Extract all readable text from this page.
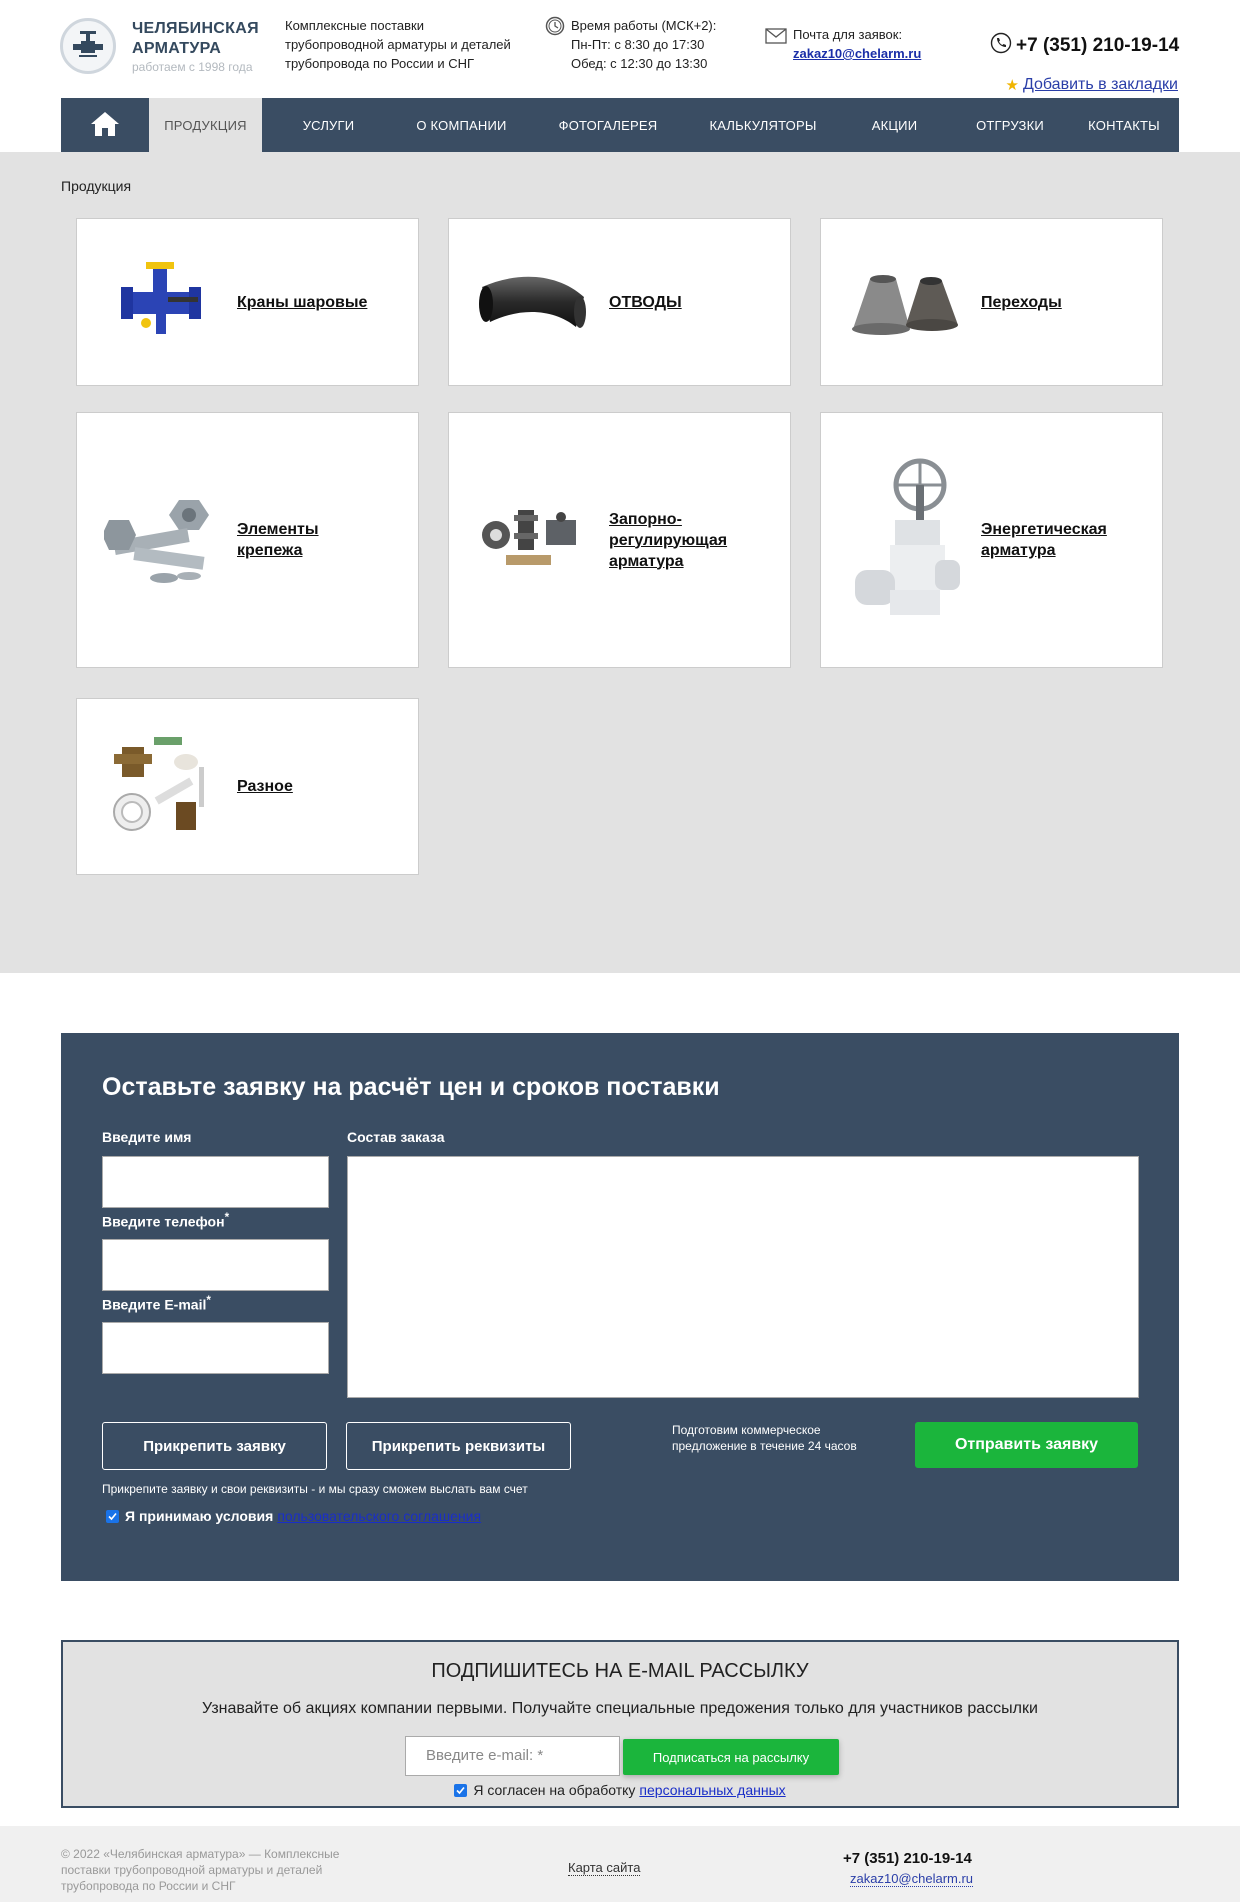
ЧЕЛЯБИНСКАЯ
АРМАТУРА
работаем с 1998 года
Комплексные поставки трубопроводной арматуры и деталей трубопровода по России и СНГ
Время работы (МСК+2):
Пн-Пт: с 8:30 до 17:30
Обед: с 12:30 до 13:30
Почта для заявок:
zakaz10@chelarm.ru	+7 (351) 210-19-14
★ Добавить в закладки
ПРОДУКЦИЯ	УСЛУГИ	О КОМПАНИИ	ФОТОГАЛЕРЕЯ	КАЛЬКУЛЯТОРЫ	АКЦИИ	ОТГРУЗКИ	КОНТАКТЫ
Продукция
Краны шаровые	ОТВОДЫ	Переходы
Элементы крепежа
Запорно-регулирующая арматура
Энергетическая арматура
Разное
Оставьте заявку на расчёт цен и сроков поставки
Введите имя
Введите телефон*
Введите E-mail*
Состав заказа
Прикрепить заявку	Прикрепить реквизиты
Подготовим коммерческое предложение в течение 24 часов	Отправить заявку
Прикрепите заявку и свои реквизиты - и мы сразу сможем выслать вам счет
Я принимаю условия пользовательского соглашения
ПОДПИШИТЕСЬ НА E-MAIL РАССЫЛКУ
Узнавайте об акциях компании первыми. Получайте специальные предожения только для участников рассылки
Введите e-mail: *	Подписаться на рассылку
Я согласен на обработку персональных данных
© 2022 «Челябинская арматура» — Комплексные поставки трубопроводной арматуры и деталей трубопровода по России и СНГ
Карта сайта
+7 (351) 210-19-14
zakaz10@chelarm.ru
